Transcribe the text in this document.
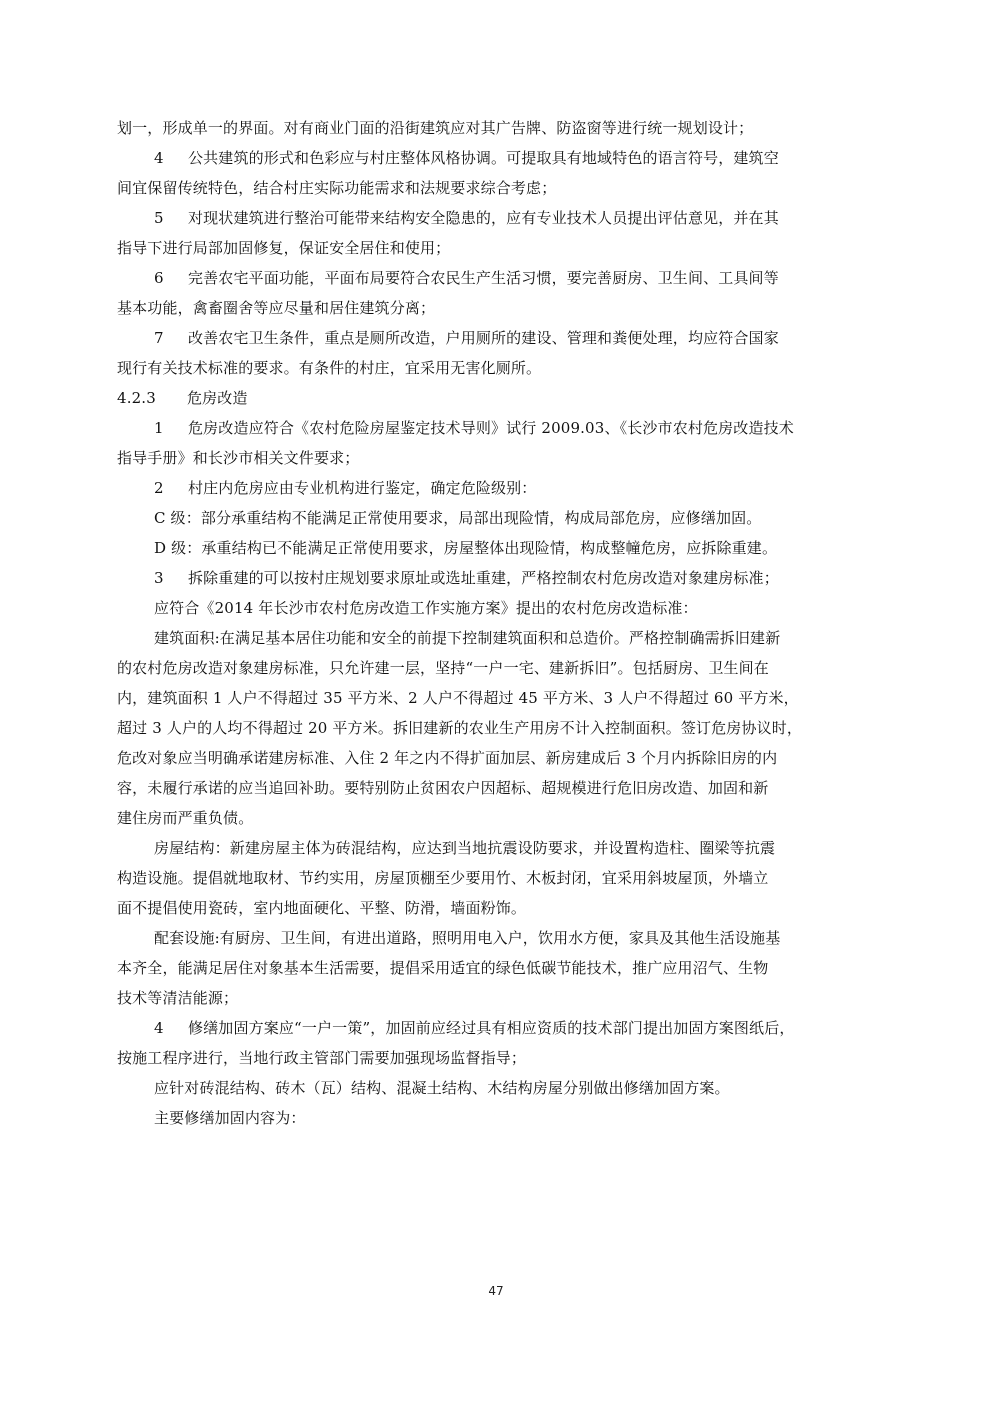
划一，形成单一的界面。对有商业门面的沿街建筑应对其广告牌、防盗窗等进行统一规划设计；
4 公共建筑的形式和色彩应与村庄整体风格协调。可提取具有地域特色的语言符号，建筑空
间宜保留传统特色，结合村庄实际功能需求和法规要求综合考虑；
5 对现状建筑进行整治可能带来结构安全隐患的，应有专业技术人员提出评估意见，并在其
指导下进行局部加固修复，保证安全居住和使用；
6 完善农宅平面功能，平面布局要符合农民生产生活习惯，要完善厨房、卫生间、工具间等
基本功能，禽畜圈舍等应尽量和居住建筑分离；
7 改善农宅卫生条件，重点是厕所改造，户用厕所的建设、管理和粪便处理，均应符合国家
现行有关技术标准的要求。有条件的村庄，宜采用无害化厕所。
4.2.3 危房改造
1 危房改造应符合《农村危险房屋鉴定技术导则》试行 2009.03、《长沙市农村危房改造技术
指导手册》和长沙市相关文件要求；
2 村庄内危房应由专业机构进行鉴定，确定危险级别：
C 级：部分承重结构不能满足正常使用要求，局部出现险情，构成局部危房，应修缮加固。
D 级：承重结构已不能满足正常使用要求，房屋整体出现险情，构成整幢危房，应拆除重建。
3 拆除重建的可以按村庄规划要求原址或选址重建，严格控制农村危房改造对象建房标准；
应符合《2014 年长沙市农村危房改造工作实施方案》提出的农村危房改造标准：
建筑面积:在满足基本居住功能和安全的前提下控制建筑面积和总造价。严格控制确需拆旧建新
的农村危房改造对象建房标准，只允许建一层，坚持“一户一宅、建新拆旧”。包括厨房、卫生间在
内，建筑面积 1 人户不得超过 35 平方米、2 人户不得超过 45 平方米、3 人户不得超过 60 平方米，
超过 3 人户的人均不得超过 20 平方米。拆旧建新的农业生产用房不计入控制面积。签订危房协议时，
危改对象应当明确承诺建房标准、入住 2 年之内不得扩面加层、新房建成后 3 个月内拆除旧房的内
容，未履行承诺的应当追回补助。要特别防止贫困农户因超标、超规模进行危旧房改造、加固和新
建住房而严重负债。
房屋结构：新建房屋主体为砖混结构，应达到当地抗震设防要求，并设置构造柱、圈梁等抗震
构造设施。提倡就地取材、节约实用，房屋顶棚至少要用竹、木板封闭，宜采用斜坡屋顶，外墙立
面不提倡使用瓷砖，室内地面硬化、平整、防滑，墙面粉饰。
配套设施:有厨房、卫生间，有进出道路，照明用电入户，饮用水方便，家具及其他生活设施基
本齐全，能满足居住对象基本生活需要，提倡采用适宜的绿色低碳节能技术，推广应用沼气、生物
技术等清洁能源；
4 修缮加固方案应“一户一策”，加固前应经过具有相应资质的技术部门提出加固方案图纸后，
按施工程序进行，当地行政主管部门需要加强现场监督指导；
应针对砖混结构、砖木（瓦）结构、混凝土结构、木结构房屋分别做出修缮加固方案。
主要修缮加固内容为：
47
